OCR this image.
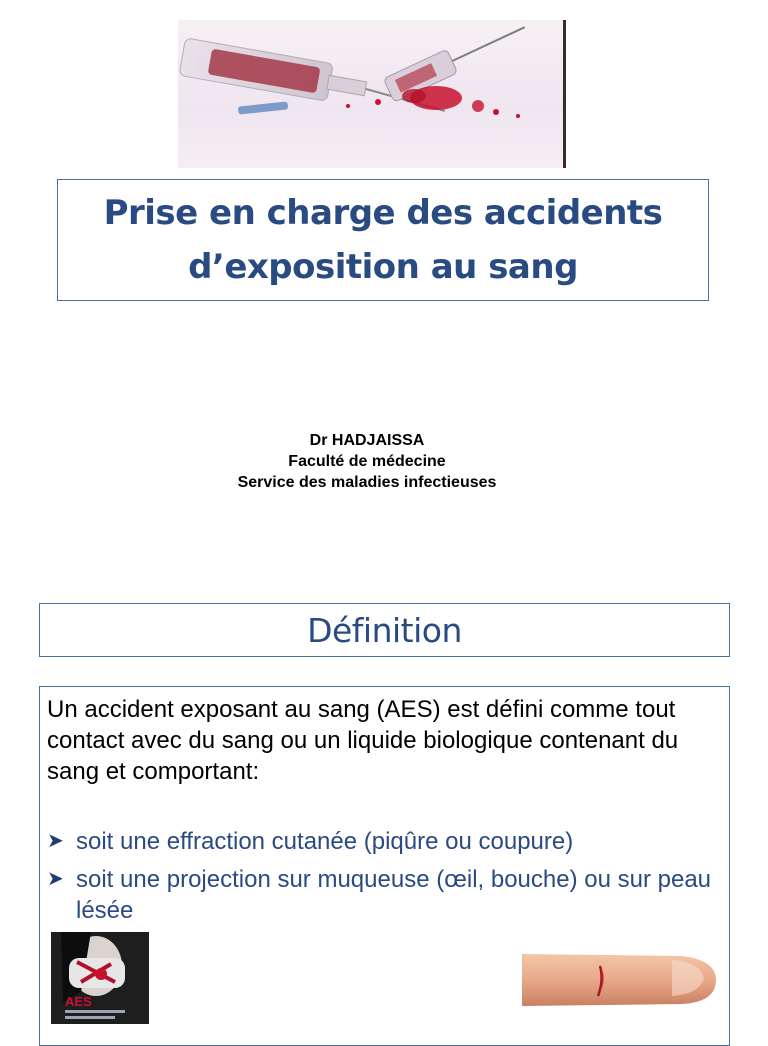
Prise en charge des accidents
d’exposition au sang
Dr HADJAISSA
Faculté de médecine
Service des maladies infectieuses
Définition
Un accident exposant au sang (AES) est défini comme tout contact avec du sang ou un liquide biologique contenant du sang et comportant:
➤ soit une effraction cutanée (piqûre ou coupure)
➤ soit une projection sur muqueuse (œil, bouche) ou sur peau lésée
AES
